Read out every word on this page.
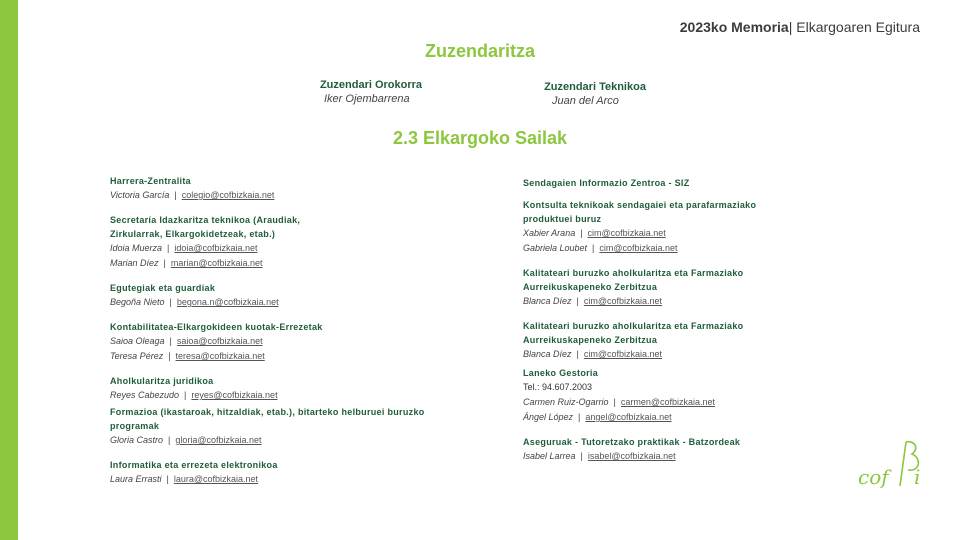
2023ko Memoria| Elkargoaren Egitura
Zuzendaritza
Zuzendari Orokorra
Iker Ojembarrena
Zuzendari Teknikoa
Juan del Arco
2.3 Elkargoko Sailak
Harrera-Zentralita
Victoria García | colegio@cofbizkaia.net
Secretaría Idazkaritza teknikoa (Araudiak,
Zirkularrak, Elkargokidetzeak, etab.)
Idoia Muerza | idoia@cofbizkaia.net
Marian Díez | marian@cofbizkaia.net
Egutegiak eta guardiak
Begoña Nieto | begona.n@cofbizkaia.net
Kontabilitatea-Elkargokideen kuotak-Errezetak
Saioa Oleaga | saioa@cofbizkaia.net
Teresa Pérez | teresa@cofbizkaia.net
Aholkularitza juridikoa
Reyes Cabezudo | reyes@cofbizkaia.net
Formazioa (ikastaroak, hitzaldiak, etab.), bitarteko helburuei buruzko
programak
Gloria Castro | gloria@cofbizkaia.net
Informatika eta errezeta elektronikoa
Laura Errasti | laura@cofbizkaia.net
Sendagaien Informazio Zentroa - SIZ
Kontsulta teknikoak sendagaiei eta parafarmaziako
produktuei buruz
Xabier Arana | cim@cofbizkaia.net
Gabriela Loubet | cim@cofbizkaia.net
Kalitateari buruzko aholkularitza eta Farmaziako
Aurreikuskapeneko Zerbitzua
Blanca Díez | cim@cofbizkaia.net
Kalitateari buruzko aholkularitza eta Farmaziako
Aurreikuskapeneko Zerbitzua
Blanca Díez | cim@cofbizkaia.net
Laneko Gestoria
Tel.: 94.607.2003
Carmen Ruiz-Ogarrio | carmen@cofbizkaia.net
Ángel López | angel@cofbizkaia.net
Aseguruak - Tutoretzako praktikak - Batzordeak
Isabel Larrea | isabel@cofbizkaia.net
cof i
